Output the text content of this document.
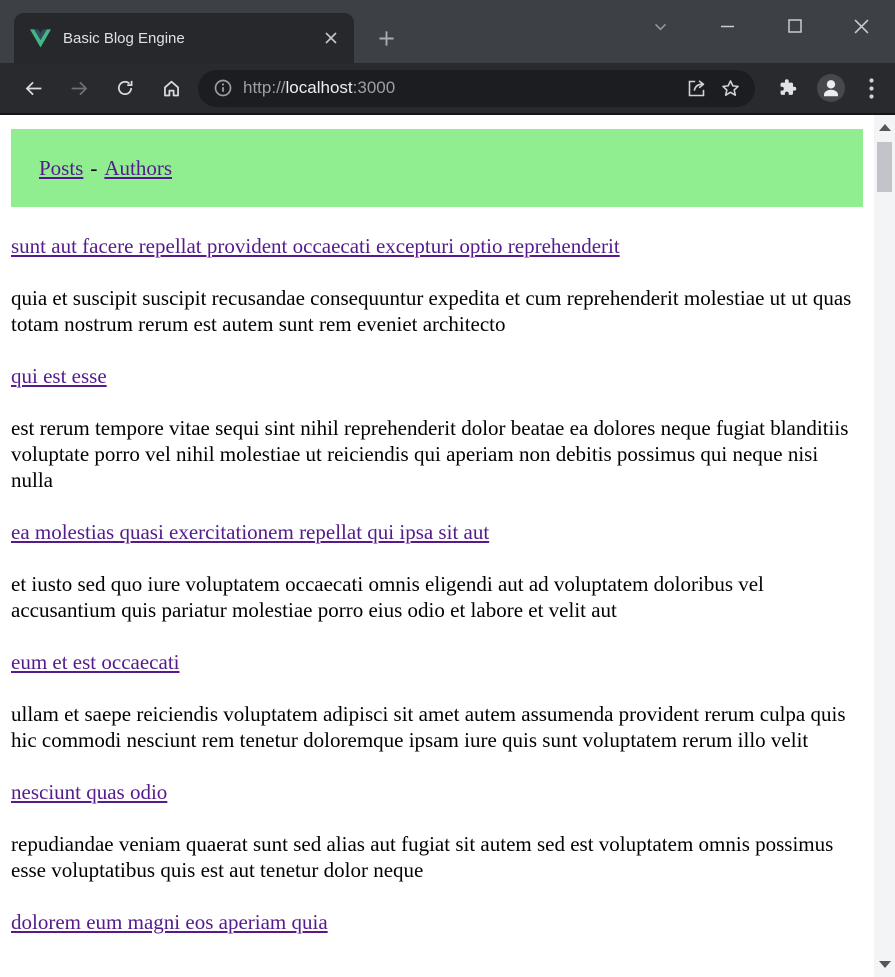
Basic Blog Engine
http://localhost:3000
Posts - Authors

sunt aut facere repellat provident occaecati excepturi optio reprehenderit

quia et suscipit suscipit recusandae consequuntur expedita et cum reprehenderit molestiae ut ut quas totam nostrum rerum est autem sunt rem eveniet architecto

qui est esse

est rerum tempore vitae sequi sint nihil reprehenderit dolor beatae ea dolores neque fugiat blanditiis voluptate porro vel nihil molestiae ut reiciendis qui aperiam non debitis possimus qui neque nisi nulla

ea molestias quasi exercitationem repellat qui ipsa sit aut

et iusto sed quo iure voluptatem occaecati omnis eligendi aut ad voluptatem doloribus vel accusantium quis pariatur molestiae porro eius odio et labore et velit aut

eum et est occaecati

ullam et saepe reiciendis voluptatem adipisci sit amet autem assumenda provident rerum culpa quis hic commodi nesciunt rem tenetur doloremque ipsam iure quis sunt voluptatem rerum illo velit

nesciunt quas odio

repudiandae veniam quaerat sunt sed alias aut fugiat sit autem sed est voluptatem omnis possimus esse voluptatibus quis est aut tenetur dolor neque

dolorem eum magni eos aperiam quia
